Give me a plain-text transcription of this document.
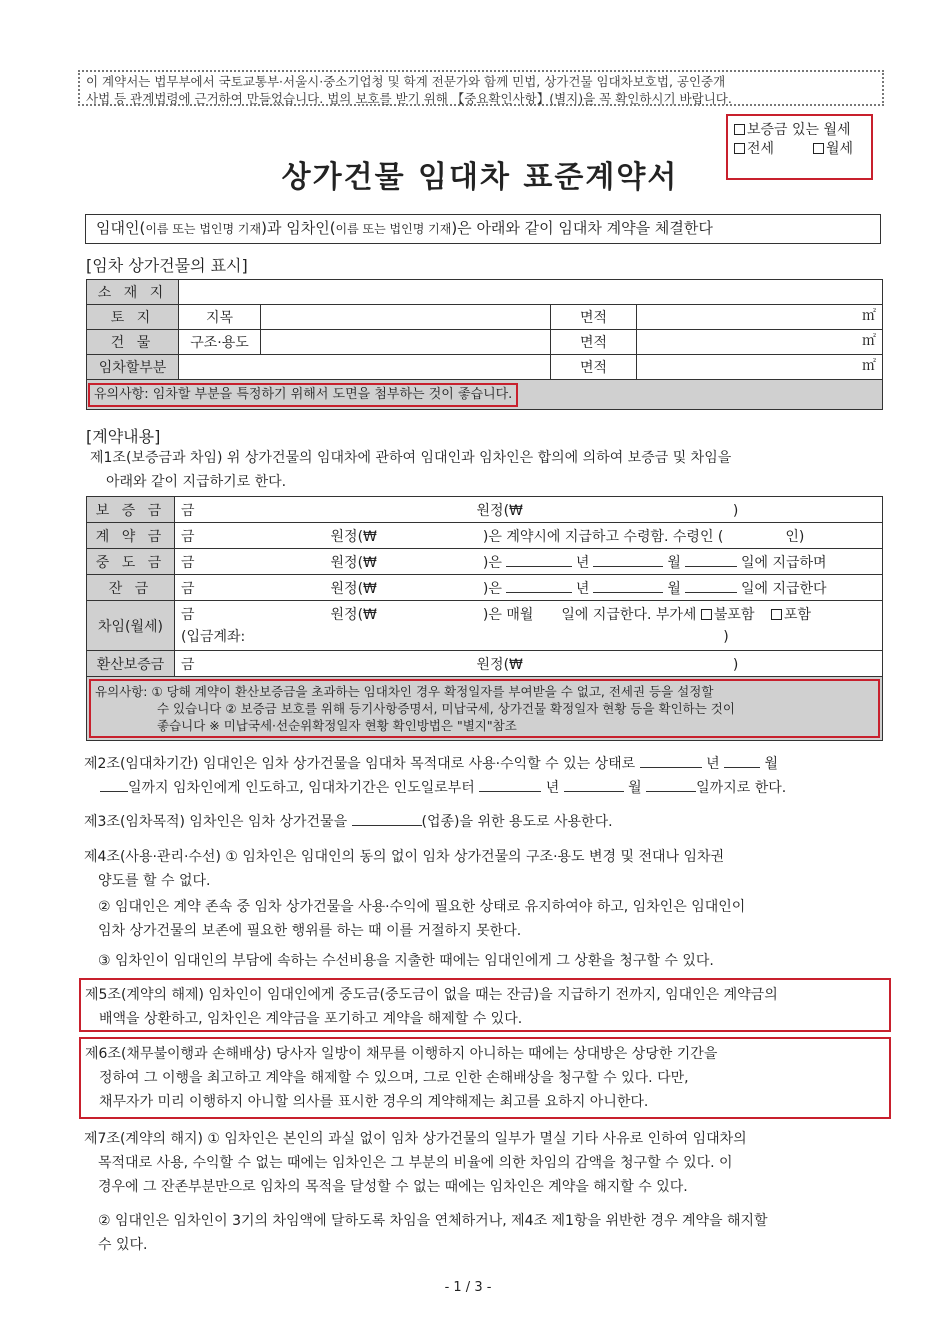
이 계약서는 법무부에서 국토교통부·서울시·중소기업청 및 학계 전문가와 함께 민법, 상가건물 임대차보호법, 공인중개
사법 등 관계법령에 근거하여 만들었습니다. 법의 보호를 받기 위해 【중요확인사항】(별지)을 꼭 확인하시기 바랍니다.
보증금 있는 월세
전세	월세
상가건물 임대차 표준계약서
임대인(이름 또는 법인명 기재)과 임차인(이름 또는 법인명 기재)은 아래와 같이 임대차 계약을 체결한다
[임차 상가건물의 표시]
소 재 지				
토 지	지목		면적	㎡
건 물	구조·용도		면적	㎡
임차할부분			면적	㎡
유의사항: 임차할 부분을 특정하기 위해서 도면을 첨부하는 것이 좋습니다.				
[계약내용]
제1조(보증금과 차임) 위 상가건물의 임대차에 관하여 임대인과 임차인은 합의에 의하여 보증금 및 차임을
아래와 같이 지급하기로 한다.
보 증 금	금 원정(₩ )
계 약 금	금 원정(₩ )은 계약시에 지급하고 수령함. 수령인 ( 인)
중 도 금	금 원정(₩ )은 년 월 일에 지급하며
잔 금	금 원정(₩ )은 년 월 일에 지급한다
차임(월세)	금 원정(₩ )은 매월 일에 지급한다. 부가세 불포함 포함
(입금계좌: )

환산보증금	금 원정(₩ )

유의사항: ① 당해 계약이 환산보증금을 초과하는 임대차인 경우 확정일자를 부여받을 수 없고, 전세권 등을 설정할
수 있습니다 ② 보증금 보호를 위해 등기사항증명서, 미납국세, 상가건물 확정일자 현황 등을 확인하는 것이
좋습니다 ※ 미납국세·선순위확정일자 현황 확인방법은 "별지"참조	
제2조(임대차기간) 임대인은 임차 상가건물을 임대차 목적대로 사용·수익할 수 있는 상태로	년	월
일까지 임차인에게 인도하고, 임대차기간은 인도일로부터	년	월	일까지로 한다.
제3조(임차목적) 임차인은 임차 상가건물을	(업종)을 위한 용도로 사용한다.
제4조(사용·관리·수선) ① 임차인은 임대인의 동의 없이 임차 상가건물의 구조·용도 변경 및 전대나 임차권
양도를 할 수 없다.
② 임대인은 계약 존속 중 임차 상가건물을 사용·수익에 필요한 상태로 유지하여야 하고, 임차인은 임대인이
임차 상가건물의 보존에 필요한 행위를 하는 때 이를 거절하지 못한다.
③ 임차인이 임대인의 부담에 속하는 수선비용을 지출한 때에는 임대인에게 그 상환을 청구할 수 있다.
제5조(계약의 해제) 임차인이 임대인에게 중도금(중도금이 없을 때는 잔금)을 지급하기 전까지, 임대인은 계약금의
배액을 상환하고, 임차인은 계약금을 포기하고 계약을 해제할 수 있다.
제6조(채무불이행과 손해배상) 당사자 일방이 채무를 이행하지 아니하는 때에는 상대방은 상당한 기간을
정하여 그 이행을 최고하고 계약을 해제할 수 있으며, 그로 인한 손해배상을 청구할 수 있다. 다만,
채무자가 미리 이행하지 아니할 의사를 표시한 경우의 계약해제는 최고를 요하지 아니한다.
제7조(계약의 해지) ① 임차인은 본인의 과실 없이 임차 상가건물의 일부가 멸실 기타 사유로 인하여 임대차의
목적대로 사용, 수익할 수 없는 때에는 임차인은 그 부분의 비율에 의한 차임의 감액을 청구할 수 있다. 이
경우에 그 잔존부분만으로 임차의 목적을 달성할 수 없는 때에는 임차인은 계약을 해지할 수 있다.
② 임대인은 임차인이 3기의 차임액에 달하도록 차임을 연체하거나, 제4조 제1항을 위반한 경우 계약을 해지할
수 있다.
- 1 / 3 -
